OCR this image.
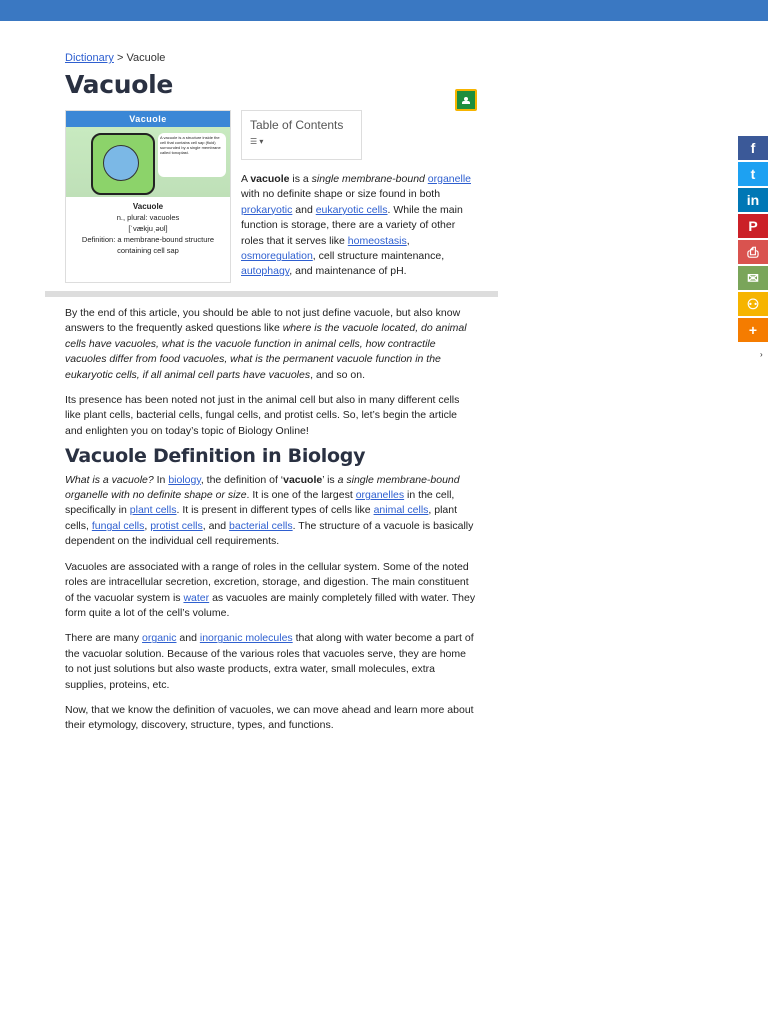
Dictionary > Vacuole
Vacuole
Vacuole
A vacuole is a structure inside the cell that contains cell sap (fluid) surrounded by a single membrane called tonoplast.
Vacuole
n., plural: vacuoles
[ˈvækjuˌəʊl]
Definition: a membrane-bound structure containing cell sap
Table of Contents
☰ ▾
A vacuole is a single membrane-bound organelle with no definite shape or size found in both prokaryotic and eukaryotic cells. While the main function is storage, there are a variety of other roles that it serves like homeostasis, osmoregulation, cell structure maintenance, autophagy, and maintenance of pH.

By the end of this article, you should be able to not just define vacuole, but also know answers to the frequently asked questions like where is the vacuole located, do animal cells have vacuoles, what is the vacuole function in animal cells, how contractile vacuoles differ from food vacuoles, what is the permanent vacuole function in the eukaryotic cells, if all animal cell parts have vacuoles, and so on.

Its presence has been noted not just in the animal cell but also in many different cells like plant cells, bacterial cells, fungal cells, and protist cells. So, let’s begin the article and enlighten you on today’s topic of Biology Online!

Vacuole Definition in Biology

What is a vacuole? In biology, the definition of ‘vacuole’ is a single membrane-bound organelle with no definite shape or size. It is one of the largest organelles in the cell, specifically in plant cells. It is present in different types of cells like animal cells, plant cells, fungal cells, protist cells, and bacterial cells. The structure of a vacuole is basically dependent on the individual cell requirements.

Vacuoles are associated with a range of roles in the cellular system. Some of the noted roles are intracellular secretion, excretion, storage, and digestion. The main constituent of the vacuolar system is water as vacuoles are mainly completely filled with water. They form quite a lot of the cell’s volume.

There are many organic and inorganic molecules that along with water become a part of the vacuolar solution. Because of the various roles that vacuoles serve, they are home to not just solutions but also waste products, extra water, small molecules, extra supplies, proteins, etc.

Now, that we know the definition of vacuoles, we can move ahead and learn more about their etymology, discovery, structure, types, and functions.

f
t
in
P
⎙
✉
⚇
+
›
